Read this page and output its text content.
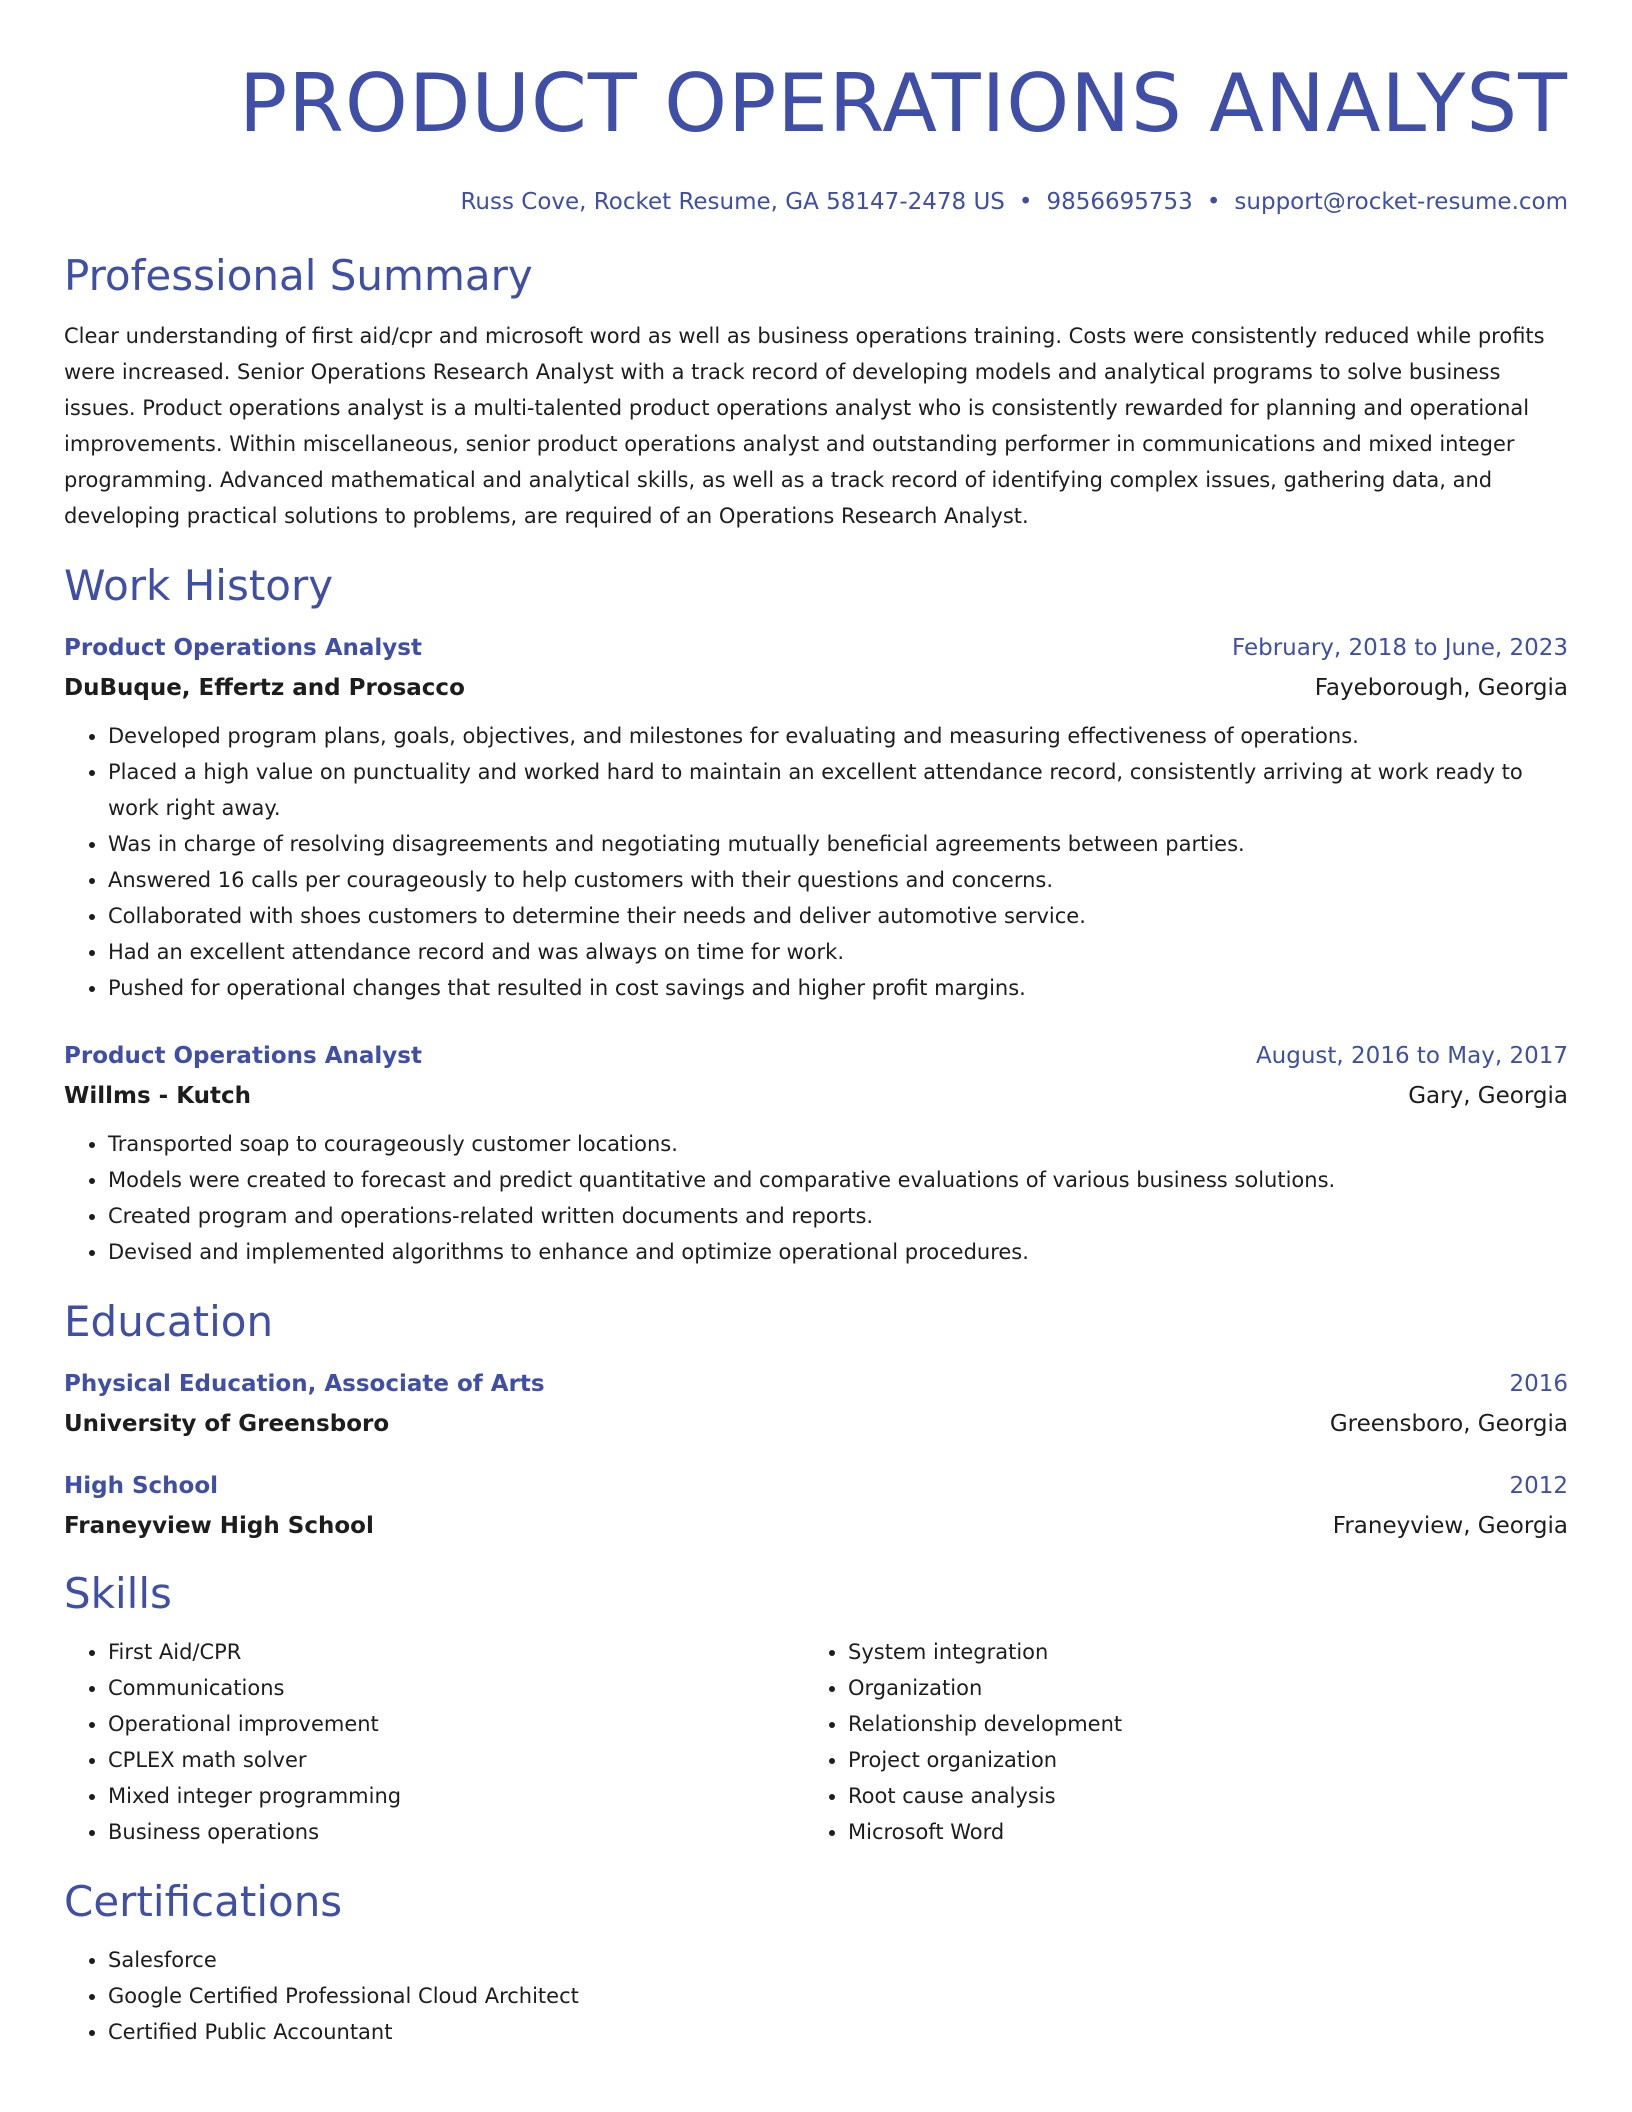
PRODUCT OPERATIONS ANALYST
Russ Cove, Rocket Resume, GA 58147-2478 US • 9856695753 • support@rocket-resume.com
Professional Summary
Clear understanding of first aid/cpr and microsoft word as well as business operations training. Costs were consistently reduced while profits were increased. Senior Operations Research Analyst with a track record of developing models and analytical programs to solve business issues. Product operations analyst is a multi-talented product operations analyst who is consistently rewarded for planning and operational improvements. Within miscellaneous, senior product operations analyst and outstanding performer in communications and mixed integer programming. Advanced mathematical and analytical skills, as well as a track record of identifying complex issues, gathering data, and developing practical solutions to problems, are required of an Operations Research Analyst.
Work History
Product Operations Analyst	February, 2018 to June, 2023
DuBuque, Effertz and Prosacco	Fayeborough, Georgia
• Developed program plans, goals, objectives, and milestones for evaluating and measuring effectiveness of operations.
• Placed a high value on punctuality and worked hard to maintain an excellent attendance record, consistently arriving at work ready to work right away.
• Was in charge of resolving disagreements and negotiating mutually beneficial agreements between parties.
• Answered 16 calls per courageously to help customers with their questions and concerns.
• Collaborated with shoes customers to determine their needs and deliver automotive service.
• Had an excellent attendance record and was always on time for work.
• Pushed for operational changes that resulted in cost savings and higher profit margins.
Product Operations Analyst	August, 2016 to May, 2017
Willms - Kutch	Gary, Georgia
• Transported soap to courageously customer locations.
• Models were created to forecast and predict quantitative and comparative evaluations of various business solutions.
• Created program and operations-related written documents and reports.
• Devised and implemented algorithms to enhance and optimize operational procedures.
Education
Physical Education, Associate of Arts	2016
University of Greensboro	Greensboro, Georgia
High School	2012
Franeyview High School	Franeyview, Georgia
Skills
• First Aid/CPR
• Communications
• Operational improvement
• CPLEX math solver
• Mixed integer programming
• Business operations
• System integration
• Organization
• Relationship development
• Project organization
• Root cause analysis
• Microsoft Word
Certifications
• Salesforce
• Google Certified Professional Cloud Architect
• Certified Public Accountant
